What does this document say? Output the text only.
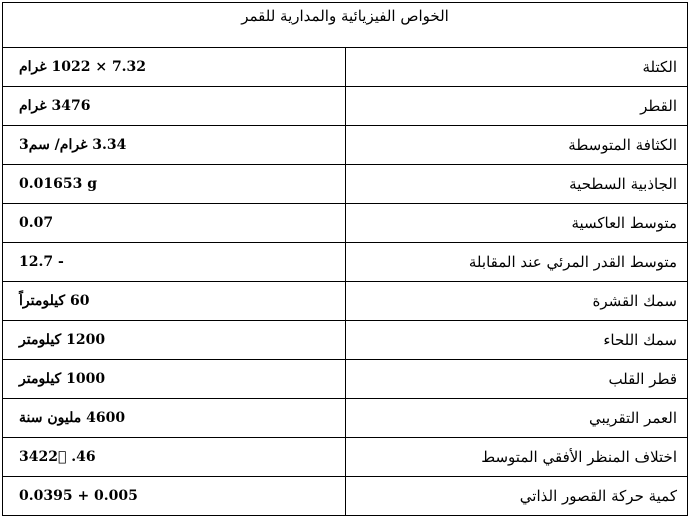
الخواص الفيزيائية والمدارية للقمر	
الكتلة	7.32 × 1022 غرام
القطر	3476 غرام
الكثافة المتوسطة	3.34 غرام/ سم3
الجاذبية السطحية	0.01653 g
متوسط العاكسية	0.07
متوسط القدر المرئي عند المقابلة	12.7 -
سمك القشرة	60 كيلومتراً
سمك اللحاء	1200 كيلومتر
قطر القلب	1000 كيلومتر
العمر التقريبي	4600 مليون سنة
اختلاف المنظر الأفقي المتوسط	3422ً .46
كمية حركة القصور الذاتي	0.0395 + 0.005
